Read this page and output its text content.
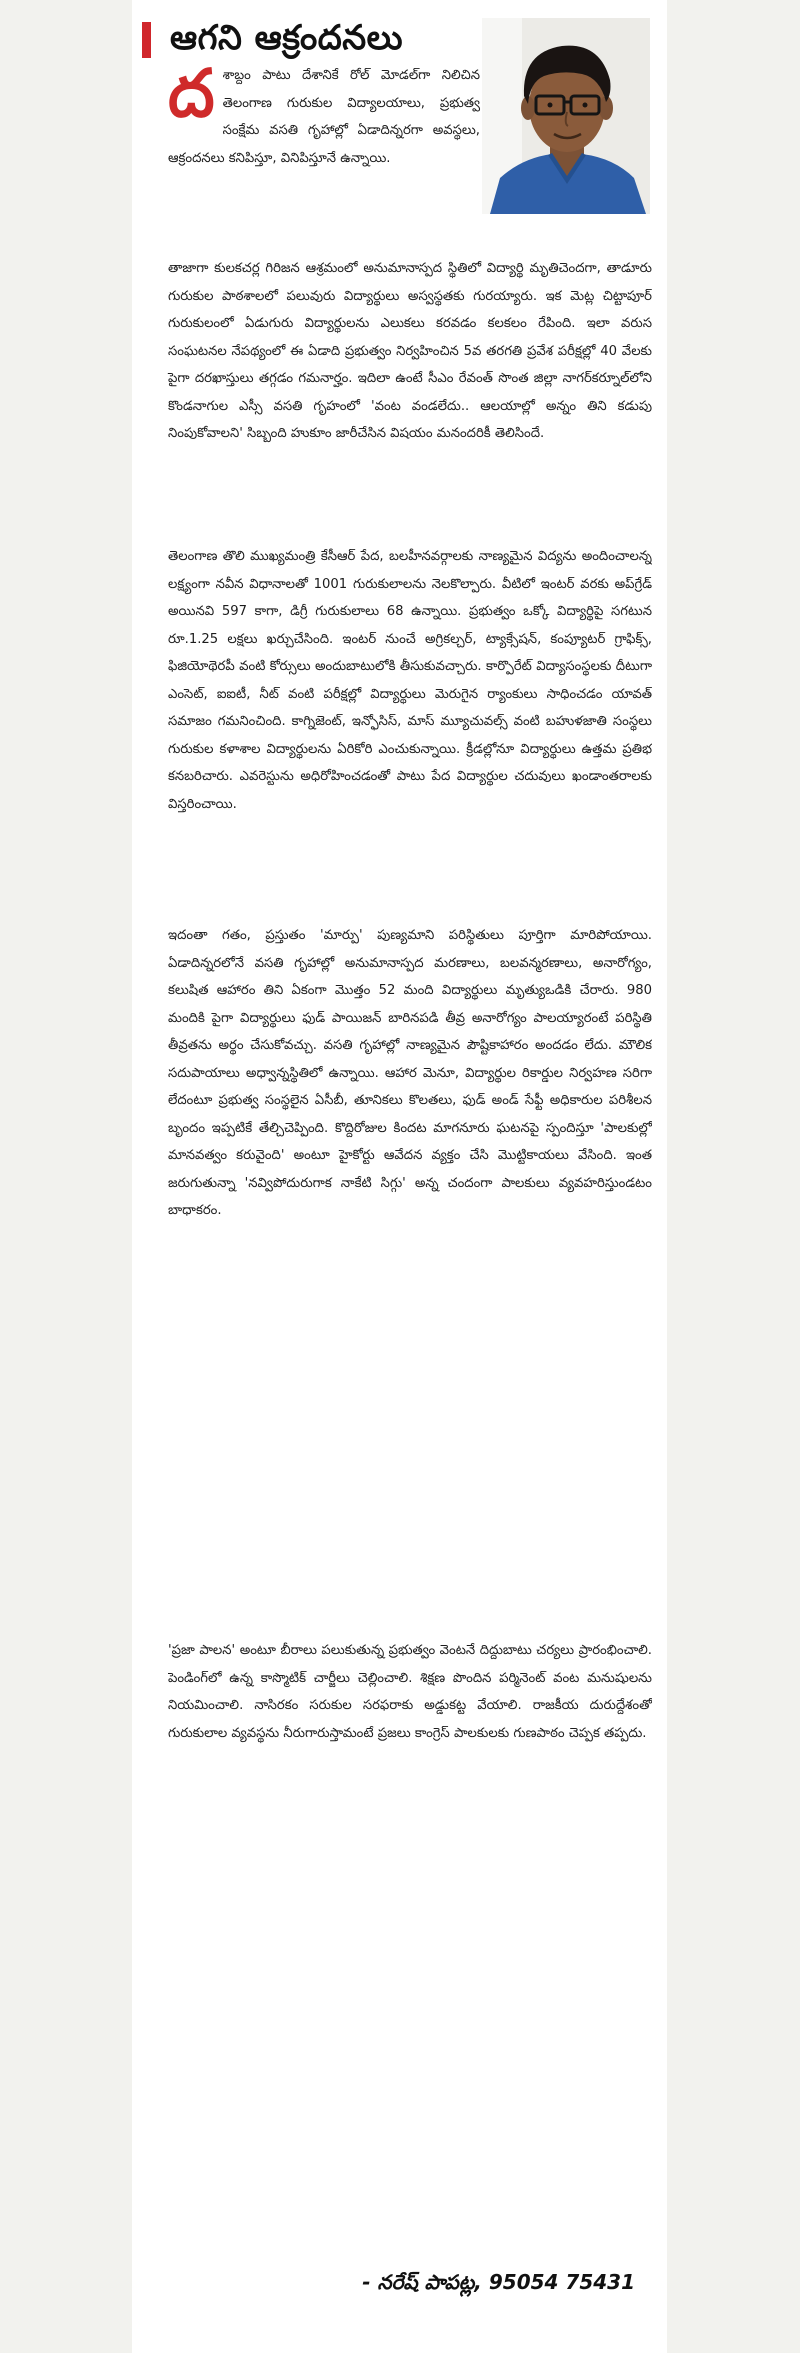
ఆగని ఆక్రందనలు
ద శాబ్దం పాటు దేశానికే రోల్ మోడల్‌గా నిలిచిన తెలంగాణ గురుకుల విద్యాలయాలు, ప్రభుత్వ సంక్షేమ వసతి గృహాల్లో ఏడాదిన్నరగా అవస్థలు, ఆక్రందనలు కనిపిస్తూ, వినిపిస్తూనే ఉన్నాయి.

తాజాగా కులకచర్ల గిరిజన ఆశ్రమంలో అనుమానాస్పద స్థితిలో విద్యార్థి మృతిచెందగా, తాడూరు గురుకుల పాఠశాలలో పలువురు విద్యార్థులు అస్వస్థతకు గురయ్యారు. ఇక మెట్ల చిట్టాపూర్ గురుకులంలో ఏడుగురు విద్యార్థులను ఎలుకలు కరవడం కలకలం రేపింది. ఇలా వరుస సంఘటనల నేపథ్యంలో ఈ ఏడాది ప్రభుత్వం నిర్వహించిన 5వ తరగతి ప్రవేశ పరీక్షల్లో 40 వేలకు పైగా దరఖాస్తులు తగ్గడం గమనార్హం. ఇదిలా ఉంటే సీఎం రేవంత్ సొంత జిల్లా నాగర్‌కర్నూల్‌లోని కొండనాగుల ఎస్సీ వసతి గృహంలో 'వంట వండలేదు.. ఆలయాల్లో అన్నం తిని కడుపు నింపుకోవాలని' సిబ్బంది హుకూం జారీచేసిన విషయం మనందరికీ తెలిసిందే.

తెలంగాణ తొలి ముఖ్యమంత్రి కేసీఆర్ పేద, బలహీనవర్గాలకు నాణ్యమైన విద్యను అందించాలన్న లక్ష్యంగా నవీన విధానాలతో 1001 గురుకులాలను నెలకొల్పారు. వీటిలో ఇంటర్ వరకు అప్‌గ్రేడ్ అయినవి 597 కాగా, డిగ్రీ గురుకులాలు 68 ఉన్నాయి. ప్రభుత్వం ఒక్కో విద్యార్థిపై సగటున రూ.1.25 లక్షలు ఖర్చుచేసింది. ఇంటర్ నుంచే అగ్రికల్చర్, ట్యాక్సేషన్, కంప్యూటర్ గ్రాఫిక్స్, ఫిజియోథెరపీ వంటి కోర్సులు అందుబాటులోకి తీసుకువచ్చారు. కార్పొరేట్ విద్యాసంస్థలకు దీటుగా ఎంసెట్, ఐఐటీ, నీట్ వంటి పరీక్షల్లో విద్యార్థులు మెరుగైన ర్యాంకులు సాధించడం యావత్ సమాజం గమనించింది. కాగ్నిజెంట్, ఇన్ఫోసిస్, మాస్ మ్యూచువల్స్ వంటి బహుళజాతి సంస్థలు గురుకుల కళాశాల విద్యార్థులను ఏరికోరి ఎంచుకున్నాయి. క్రీడల్లోనూ విద్యార్థులు ఉత్తమ ప్రతిభ కనబరిచారు. ఎవరెస్టును అధిరోహించడంతో పాటు పేద విద్యార్థుల చదువులు ఖండాంతరాలకు విస్తరించాయి.

ఇదంతా గతం, ప్రస్తుతం 'మార్పు' పుణ్యమాని పరిస్థితులు పూర్తిగా మారిపోయాయి. ఏడాదిన్నరలోనే వసతి గృహాల్లో అనుమానాస్పద మరణాలు, బలవన్మరణాలు, అనారోగ్యం, కలుషిత ఆహారం తిని ఏకంగా మొత్తం 52 మంది విద్యార్థులు మృత్యుఒడికి చేరారు. 980 మందికి పైగా విద్యార్థులు ఫుడ్ పాయిజన్ బారినపడి తీవ్ర అనారోగ్యం పాలయ్యారంటే పరిస్థితి తీవ్రతను అర్థం చేసుకోవచ్చు. వసతి గృహాల్లో నాణ్యమైన పౌష్టికాహారం అందడం లేదు. మౌలిక సదుపాయాలు అధ్వాన్నస్థితిలో ఉన్నాయి. ఆహార మెనూ, విద్యార్థుల రికార్డుల నిర్వహణ సరిగా లేదంటూ ప్రభుత్వ సంస్థలైన ఏసీబీ, తూనికలు కొలతలు, ఫుడ్ అండ్ సేఫ్టీ అధికారుల పరిశీలన బృందం ఇప్పటికే తేల్చిచెప్పింది. కొద్దిరోజుల కిందట మాగనూరు ఘటనపై స్పందిస్తూ 'పాలకుల్లో మానవత్వం కరువైంది' అంటూ హైకోర్టు ఆవేదన వ్యక్తం చేసి మొట్టికాయలు వేసింది. ఇంత జరుగుతున్నా 'నవ్విపోదురుగాక నాకేటి సిగ్గు' అన్న చందంగా పాలకులు వ్యవహరిస్తుండటం బాధాకరం.

'ప్రజా పాలన' అంటూ బీరాలు పలుకుతున్న ప్రభుత్వం వెంటనే దిద్దుబాటు చర్యలు ప్రారంభించాలి. పెండింగ్‌లో ఉన్న కాస్మొటిక్ చార్జీలు చెల్లించాలి. శిక్షణ పొందిన పర్మినెంట్ వంట మనుషులను నియమించాలి. నాసిరకం సరుకుల సరఫరాకు అడ్డుకట్ట వేయాలి. రాజకీయ దురుద్దేశంతో గురుకులాల వ్యవస్థను నీరుగారుస్తామంటే ప్రజలు కాంగ్రెస్ పాలకులకు గుణపాఠం చెప్పక తప్పదు.

- నరేష్ పాపట్ల, 95054 75431
